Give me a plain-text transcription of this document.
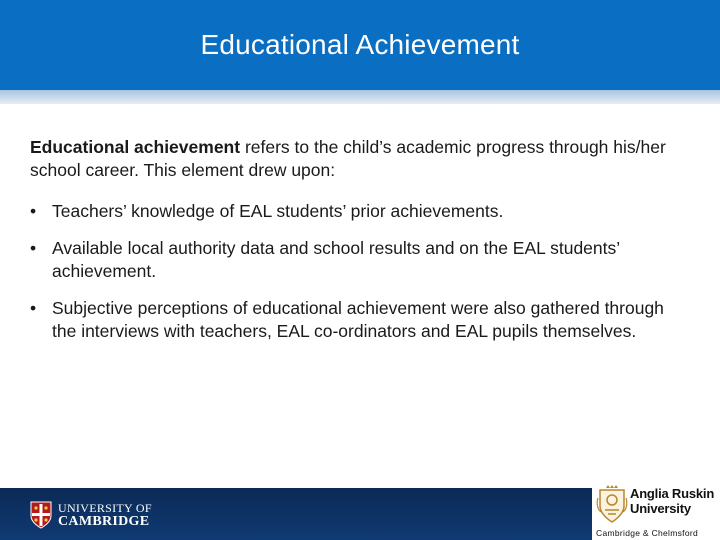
Educational Achievement

Educational achievement refers to the child’s academic progress through his/her school career. This element drew upon:

• Teachers’ knowledge of EAL students’ prior achievements.
• Available local authority data and school results and on the EAL students’ achievement.
• Subjective perceptions of educational achievement were also gathered through the interviews with teachers, EAL co-ordinators and EAL pupils themselves.
UNIVERSITY OF
CAMBRIDGE
Anglia Ruskin
University
Cambridge & Chelmsford
